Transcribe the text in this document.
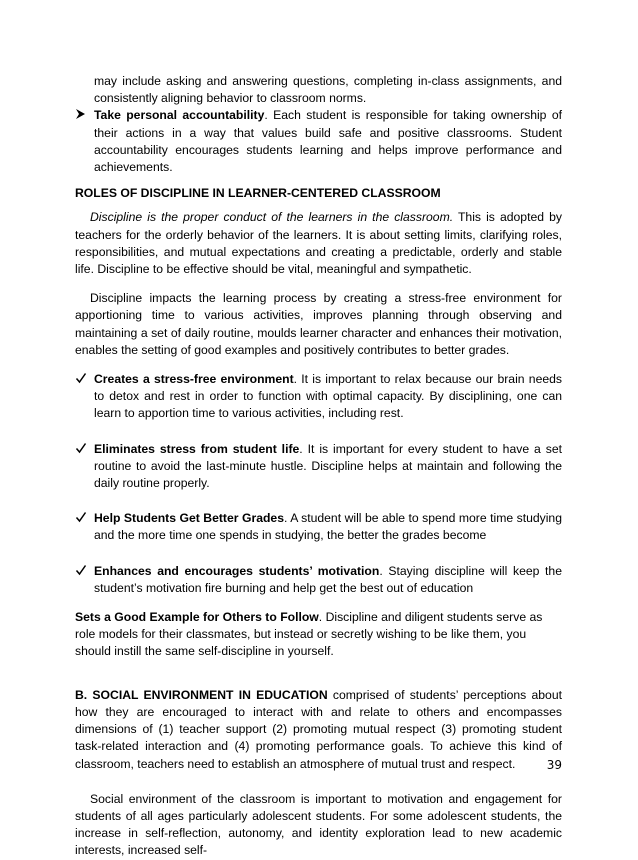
may include asking and answering questions, completing in-class assignments, and consistently aligning behavior to classroom norms.

Take personal accountability. Each student is responsible for taking ownership of their actions in a way that values build safe and positive classrooms. Student accountability encourages students learning and helps improve performance and achievements.

ROLES OF DISCIPLINE IN LEARNER-CENTERED CLASSROOM

Discipline is the proper conduct of the learners in the classroom. This is adopted by teachers for the orderly behavior of the learners. It is about setting limits, clarifying roles, responsibilities, and mutual expectations and creating a predictable, orderly and stable life. Discipline to be effective should be vital, meaningful and sympathetic.

Discipline impacts the learning process by creating a stress-free environment for apportioning time to various activities, improves planning through observing and maintaining a set of daily routine, moulds learner character and enhances their motivation, enables the setting of good examples and positively contributes to better grades.

Creates a stress-free environment. It is important to relax because our brain needs to detox and rest in order to function with optimal capacity. By disciplining, one can learn to apportion time to various activities, including rest.

Eliminates stress from student life. It is important for every student to have a set routine to avoid the last-minute hustle. Discipline helps at maintain and following the daily routine properly.

Help Students Get Better Grades. A student will be able to spend more time studying and the more time one spends in studying, the better the grades become

Enhances and encourages students’ motivation. Staying discipline will keep the student’s motivation fire burning and help get the best out of education

Sets a Good Example for Others to Follow. Discipline and diligent students serve as role models for their classmates, but instead or secretly wishing to be like them, you should instill the same self-discipline in yourself.

B. SOCIAL ENVIRONMENT IN EDUCATION comprised of students’ perceptions about how they are encouraged to interact with and relate to others and encompasses dimensions of (1) teacher support (2) promoting mutual respect (3) promoting student task-related interaction and (4) promoting performance goals. To achieve this kind of classroom, teachers need to establish an atmosphere of mutual trust and respect.

Social environment of the classroom is important to motivation and engagement for students of all ages particularly adolescent students. For some adolescent students, the increase in self-reflection, autonomy, and identity exploration lead to new academic interests, increased self-

39
